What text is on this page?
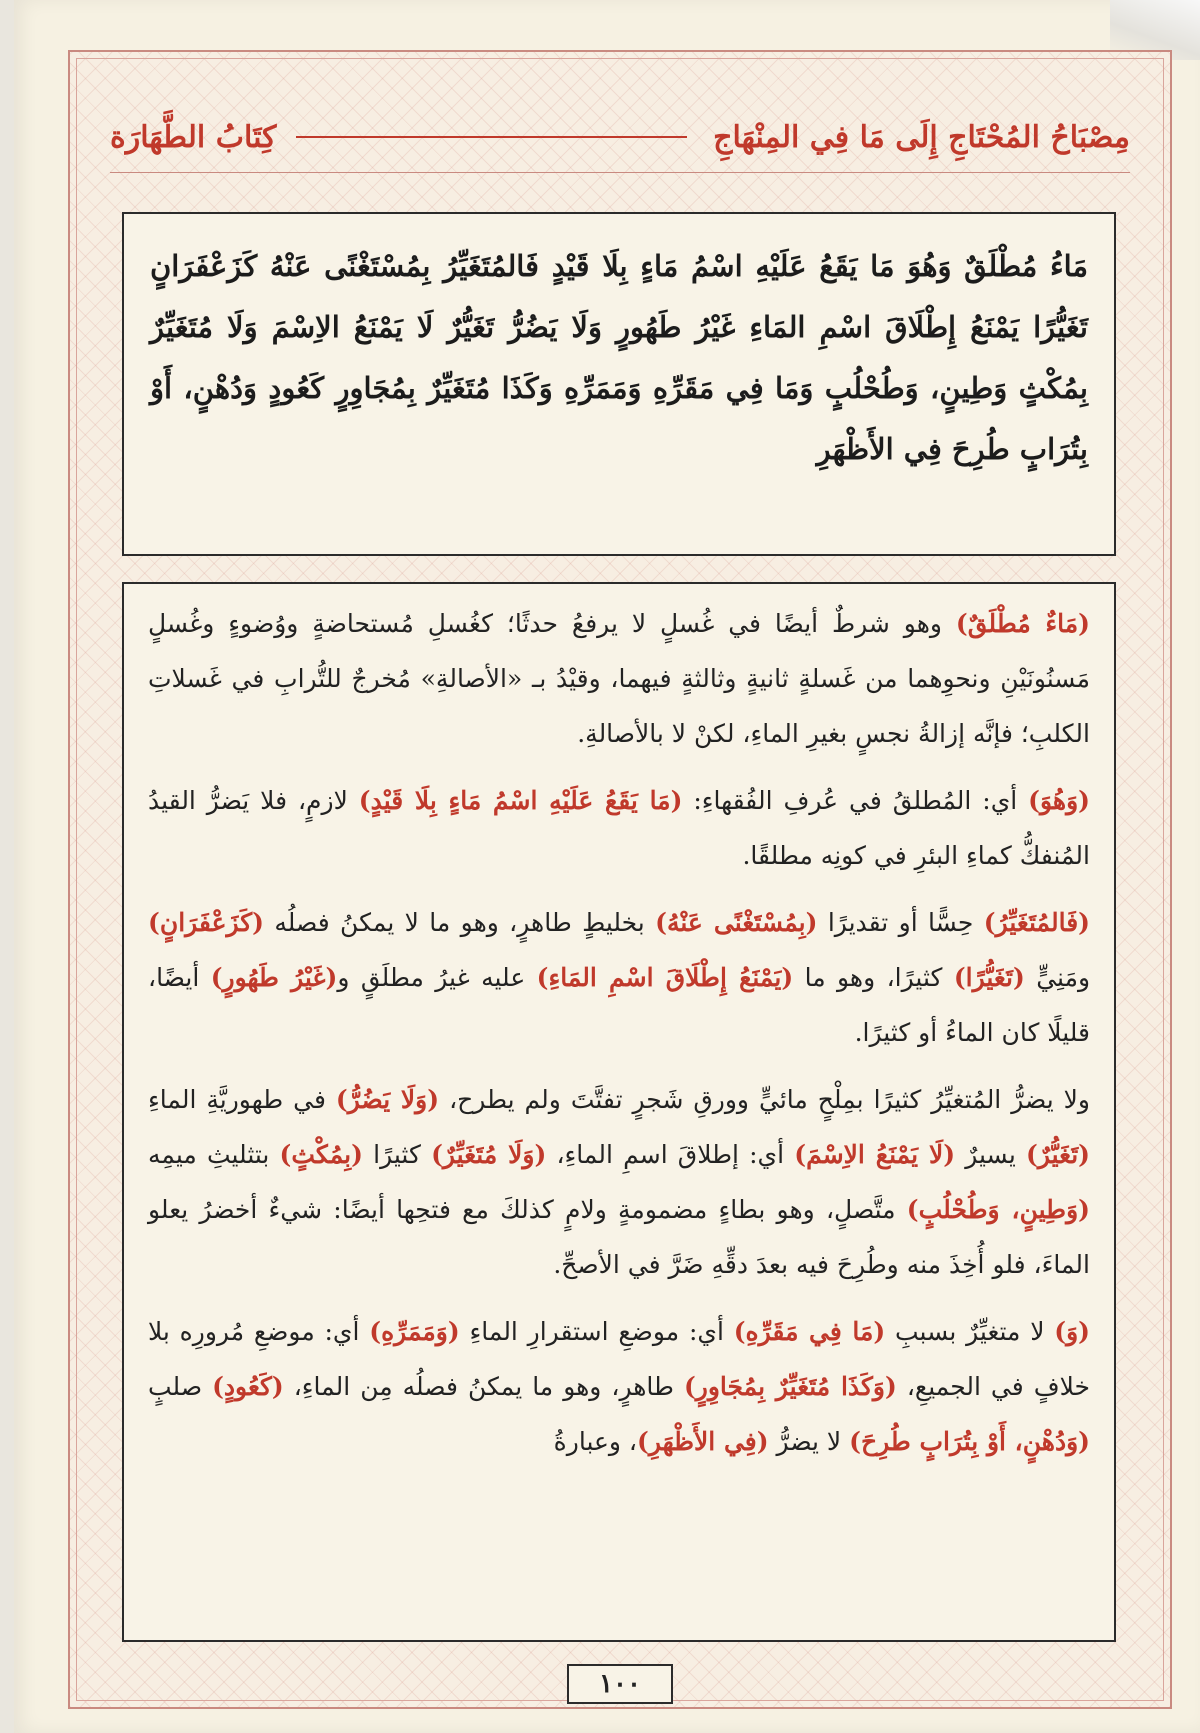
مِصْبَاحُ المُحْتَاجِ إِلَى مَا فِي المِنْهَاجِ
كِتَابُ الطَّهَارَة

مَاءُ مُطْلَقٌ وَهُوَ مَا يَقَعُ عَلَيْهِ اسْمُ مَاءٍ بِلَا قَيْدٍ فَالمُتَغَيِّرُ بِمُسْتَغْنًى عَنْهُ كَزَعْفَرَانٍ تَغَيُّرًا يَمْنَعُ إِطْلَاقَ اسْمِ المَاءِ غَيْرُ طَهُورٍ وَلَا يَضُرُّ تَغَيُّرٌ لَا يَمْنَعُ الاِسْمَ وَلَا مُتَغَيِّرٌ بِمُكْثٍ وَطِينٍ، وَطُحْلُبٍ وَمَا فِي مَقَرِّهِ وَمَمَرِّهِ وَكَذَا مُتَغَيِّرٌ بِمُجَاوِرٍ كَعُودٍ وَدُهْنٍ، أَوْ بِتُرَابٍ طُرِحَ فِي الأَظْهَرِ

(مَاءٌ مُطْلَقٌ) وهو شرطٌ أيضًا في غُسلٍ لا يرفعُ حدثًا؛ كغُسلِ مُستحاضةٍ ووُضوءٍ وغُسلٍ مَسنُونَيْنِ ونحوِهما من غَسلةٍ ثانيةٍ وثالثةٍ فيهما، وقيْدُ بـ «الأصالةِ» مُخرجٌ للتُّرابِ في غَسلاتِ الكلبِ؛ فإنَّه إزالةُ نجسٍ بغيرِ الماءِ، لكنْ لا بالأصالةِ.

(وَهُوَ) أي: المُطلقُ في عُرفِ الفُقهاءِ: (مَا يَقَعُ عَلَيْهِ اسْمُ مَاءٍ بِلَا قَيْدٍ) لازمٍ، فلا يَضرُّ القيدُ المُنفكُّ كماءِ البئرِ في كونِه مطلقًا.

(فَالمُتَغَيِّرُ) حِسًّا أو تقديرًا (بِمُسْتَغْنًى عَنْهُ) بخليطٍ طاهرٍ، وهو ما لا يمكنُ فصلُه (كَزَعْفَرَانٍ) ومَنِيٍّ (تَغَيُّرًا) كثيرًا، وهو ما (يَمْنَعُ إِطْلَاقَ اسْمِ المَاءِ) عليه غيرُ مطلَقٍ و(غَيْرُ طَهُورٍ) أيضًا، قليلًا كان الماءُ أو كثيرًا.

ولا يضرُّ المُتغيِّرُ كثيرًا بمِلْحٍ مائيٍّ وورقِ شَجرٍ تفتَّتَ ولم يطرح، (وَلَا يَضُرُّ) في طهوريَّةِ الماءِ (تَغَيُّرٌ) يسيرٌ (لَا يَمْنَعُ الاِسْمَ) أي: إطلاقَ اسمِ الماءِ، (وَلَا مُتَغَيِّرٌ) كثيرًا (بِمُكْثٍ) بتثليثِ ميمِه (وَطِينٍ، وَطُحْلُبٍ) متَّصلٍ، وهو بطاءٍ مضمومةٍ ولامٍ كذلكَ مع فتحِها أيضًا: شيءٌ أخضرُ يعلو الماءَ، فلو أُخِذَ منه وطُرِحَ فيه بعدَ دقِّهِ ضَرَّ في الأصحِّ.

(وَ) لا متغيِّرٌ بسببِ (مَا فِي مَقَرِّهِ) أي: موضعِ استقرارِ الماءِ (وَمَمَرِّهِ) أي: موضعِ مُرورِه بلا خلافٍ في الجميعِ، (وَكَذَا مُتَغَيِّرٌ بِمُجَاوِرٍ) طاهرٍ، وهو ما يمكنُ فصلُه مِن الماءِ، (كَعُودٍ) صلبٍ (وَدُهْنٍ، أَوْ بِتُرَابٍ طُرِحَ) لا يضرُّ (فِي الأَظْهَرِ)، وعبارةُ

١٠٠
